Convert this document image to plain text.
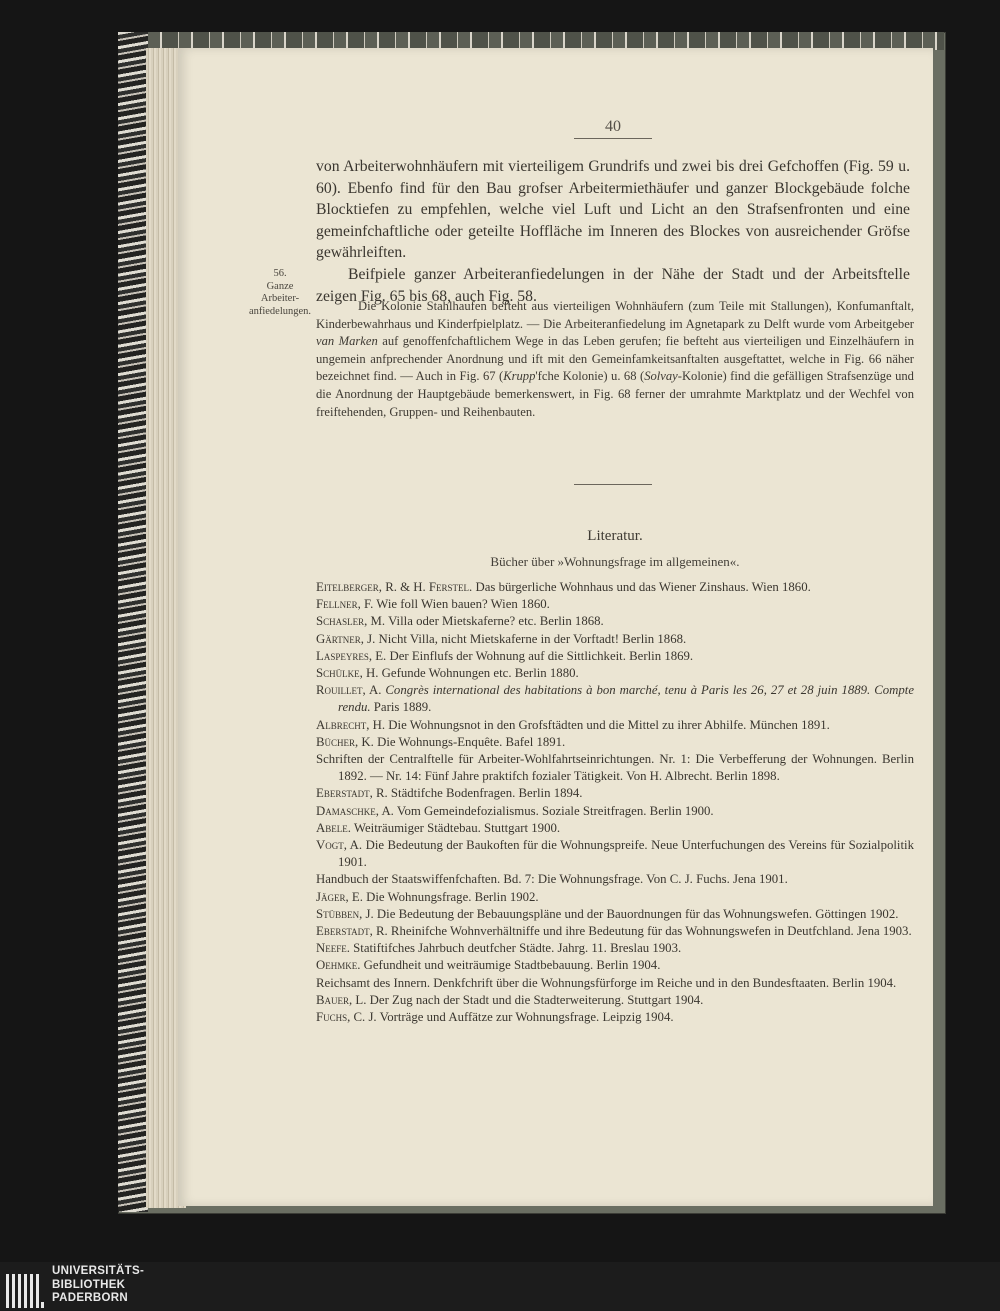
40
56.
Ganze
Arbeiter-
anfiedelungen.

von Arbeiterwohnhäufern mit vierteiligem Grundrifs und zwei bis drei Gefchoffen (Fig. 59 u. 60). Ebenfo find für den Bau grofser Arbeitermiethäufer und ganzer Blockgebäude folche Blocktiefen zu empfehlen, welche viel Luft und Licht an den Strafsenfronten und eine gemeinfchaftliche oder geteilte Hoffläche im Inneren des Blockes von ausreichender Gröfse gewährleiften.

Beifpiele ganzer Arbeiteranfiedelungen in der Nähe der Stadt und der Arbeitsftelle zeigen Fig. 65 bis 68, auch Fig. 58.

Die Kolonie Stahlhaufen befteht aus vierteiligen Wohnhäufern (zum Teile mit Stallungen), Konfumanftalt, Kinderbewahrhaus und Kinderfpielplatz. — Die Arbeiteranfiedelung im Agnetapark zu Delft wurde vom Arbeitgeber van Marken auf genoffenfchaftlichem Wege in das Leben gerufen; fie befteht aus vierteiligen und Einzelhäufern in ungemein anfprechender Anordnung und ift mit den Gemeinfamkeitsanftalten ausgeftattet, welche in Fig. 66 näher bezeichnet find. — Auch in Fig. 67 (Krupp'fche Kolonie) u. 68 (Solvay-Kolonie) find die gefälligen Strafsenzüge und die Anordnung der Hauptgebäude bemerkenswert, in Fig. 68 ferner der umrahmte Marktplatz und der Wechfel von freiftehenden, Gruppen- und Reihenbauten.

Literatur.
Bücher über »Wohnungsfrage im allgemeinen«.

Eitelberger, R. & H. Ferstel. Das bürgerliche Wohnhaus und das Wiener Zinshaus. Wien 1860.

Fellner, F. Wie foll Wien bauen? Wien 1860.

Schasler, M. Villa oder Mietskaferne? etc. Berlin 1868.

Gärtner, J. Nicht Villa, nicht Mietskaferne in der Vorftadt! Berlin 1868.

Laspeyres, E. Der Einflufs der Wohnung auf die Sittlichkeit. Berlin 1869.

Schülke, H. Gefunde Wohnungen etc. Berlin 1880.

Rouillet, A. Congrès international des habitations à bon marché, tenu à Paris les 26, 27 et 28 juin 1889. Compte rendu. Paris 1889.

Albrecht, H. Die Wohnungsnot in den Grofsftädten und die Mittel zu ihrer Abhilfe. München 1891.

Bücher, K. Die Wohnungs-Enquête. Bafel 1891.

Schriften der Centralftelle für Arbeiter-Wohlfahrtseinrichtungen. Nr. 1: Die Verbefferung der Wohnungen. Berlin 1892. — Nr. 14: Fünf Jahre praktifch fozialer Tätigkeit. Von H. Albrecht. Berlin 1898.

Eberstadt, R. Städtifche Bodenfragen. Berlin 1894.

Damaschke, A. Vom Gemeindefozialismus. Soziale Streitfragen. Berlin 1900.

Abele. Weiträumiger Städtebau. Stuttgart 1900.

Vogt, A. Die Bedeutung der Baukoften für die Wohnungspreife. Neue Unterfuchungen des Vereins für Sozialpolitik 1901.

Handbuch der Staatswiffenfchaften. Bd. 7: Die Wohnungsfrage. Von C. J. Fuchs. Jena 1901.

Jäger, E. Die Wohnungsfrage. Berlin 1902.

Stübben, J. Die Bedeutung der Bebauungspläne und der Bauordnungen für das Wohnungswefen. Göttingen 1902.

Eberstadt, R. Rheinifche Wohnverhältniffe und ihre Bedeutung für das Wohnungswefen in Deutfchland. Jena 1903.

Neefe. Statiftifches Jahrbuch deutfcher Städte. Jahrg. 11. Breslau 1903.

Oehmke. Gefundheit und weiträumige Stadtbebauung. Berlin 1904.

Reichsamt des Innern. Denkfchrift über die Wohnungsfürforge im Reiche und in den Bundesftaaten. Berlin 1904.

Bauer, L. Der Zug nach der Stadt und die Stadterweiterung. Stuttgart 1904.

Fuchs, C. J. Vorträge und Auffätze zur Wohnungsfrage. Leipzig 1904.

UNIVERSITÄTS-
BIBLIOTHEK
PADERBORN
